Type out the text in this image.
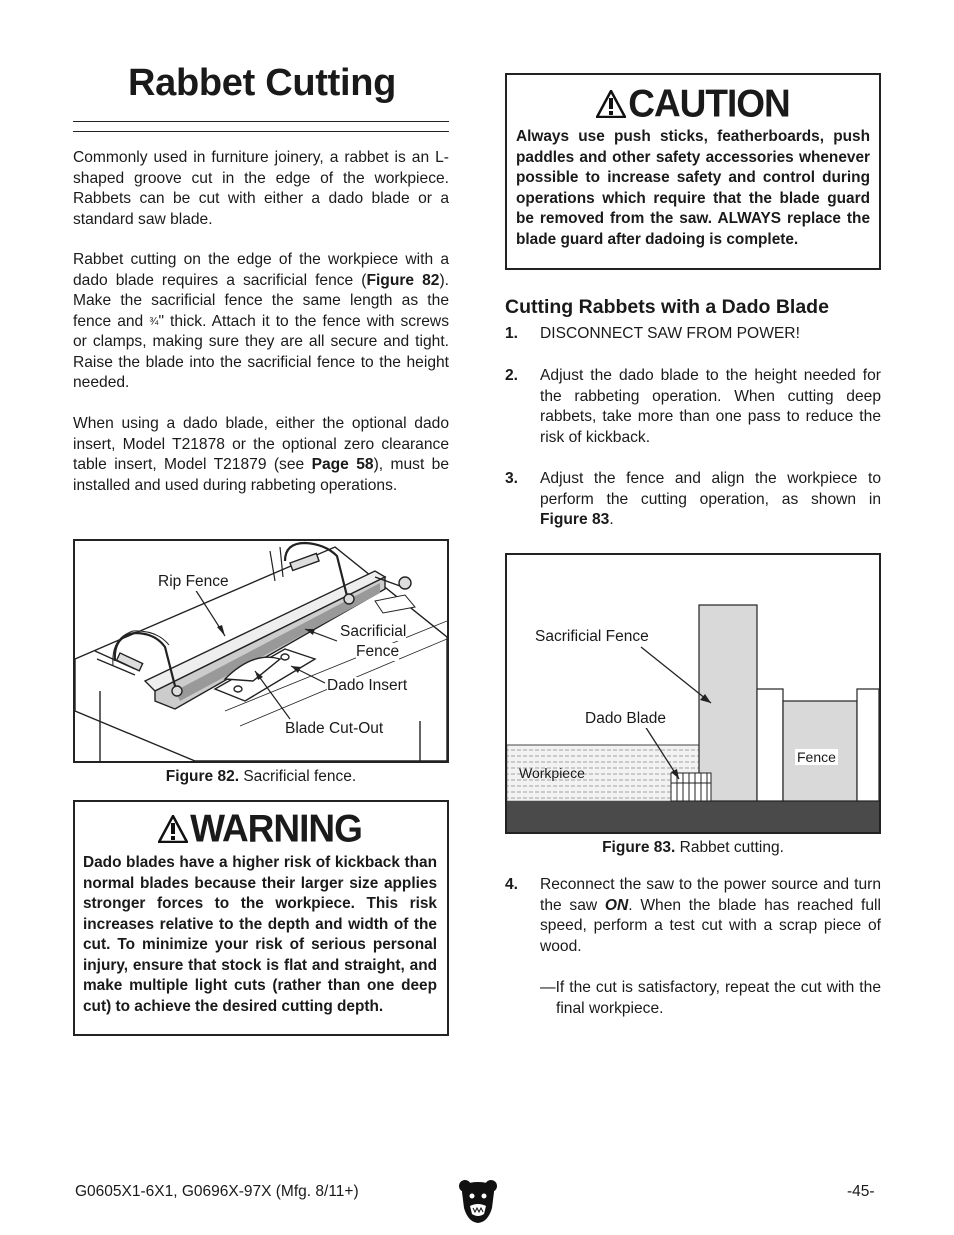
Rabbet Cutting

Commonly used in furniture joinery, a rabbet is an L-shaped groove cut in the edge of the workpiece. Rabbets can be cut with either a dado blade or a standard saw blade.

Rabbet cutting on the edge of the workpiece with a dado blade requires a sacrificial fence (Figure 82). Make the sacrificial fence the same length as the fence and ¾" thick. Attach it to the fence with screws or clamps, making sure they are all secure and tight. Raise the blade into the sacrificial fence to the height needed.

When using a dado blade, either the optional dado insert, Model T21878 or the optional zero clearance table insert, Model T21879 (see Page 58), must be installed and used during rabbeting operations.

Rip Fence
Sacrificial
Fence
Dado Insert
Blade Cut-Out
Figure 82. Sacrificial fence.
WARNING
Dado blades have a higher risk of kickback than normal blades because their larger size applies stronger forces to the workpiece. This risk increases relative to the depth and width of the cut. To minimize your risk of serious personal injury, ensure that stock is flat and straight, and make multiple light cuts (rather than one deep cut) to achieve the desired cutting depth.
CAUTION
Always use push sticks, featherboards, push paddles and other safety accessories whenever possible to increase safety and control during operations which require that the blade guard be removed from the saw. ALWAYS replace the blade guard after dadoing is complete.
Cutting Rabbets with a Dado Blade
1.	DISCONNECT SAW FROM POWER!
2.	Adjust the dado blade to the height needed for the rabbeting operation. When cutting deep rabbets, take more than one pass to reduce the risk of kickback.
3.	Adjust the fence and align the workpiece to perform the cutting operation, as shown in Figure 83.
Sacrificial Fence
Dado Blade
Fence
Workpiece
Figure 83. Rabbet cutting.
4.	Reconnect the saw to the power source and turn the saw ON. When the blade has reached full speed, perform a test cut with a scrap piece of wood.
—If the cut is satisfactory, repeat the cut with the final workpiece.
G0605X1-6X1, G0696X-97X (Mfg. 8/11+)	-45-
